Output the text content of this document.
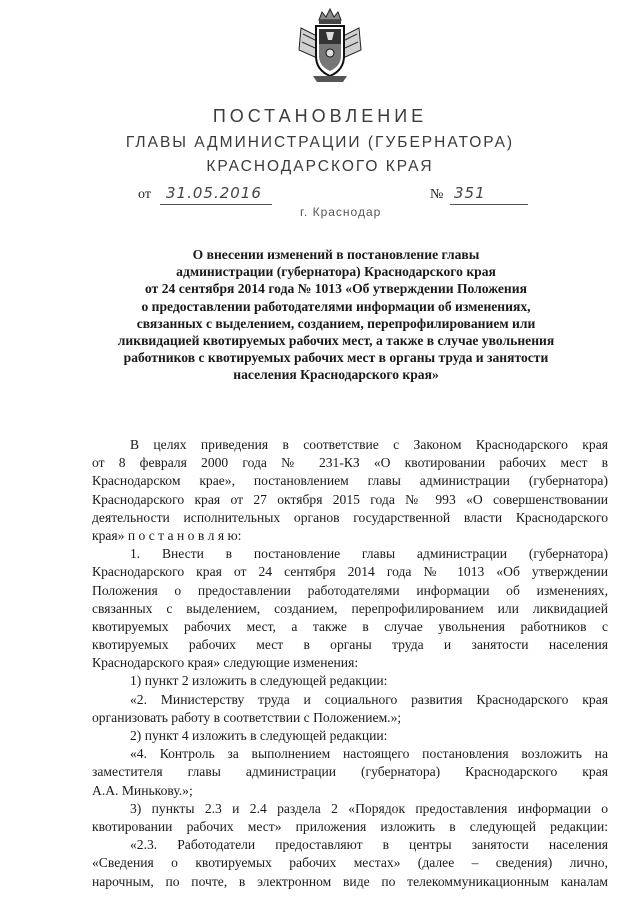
ПОСТАНОВЛЕНИЕ
ГЛАВЫ АДМИНИСТРАЦИИ (ГУБЕРНАТОРА)
КРАСНОДАРСКОГО КРАЯ
от 31.05.2016	№ 351
г. Краснодар
О внесении изменений в постановление главы
администрации (губернатора) Краснодарского края
от 24 сентября 2014 года № 1013 «Об утверждении Положения
о предоставлении работодателями информации об изменениях,
связанных с выделением, созданием, перепрофилированием или
ликвидацией квотируемых рабочих мест, а также в случае увольнения
работников с квотируемых рабочих мест в органы труда и занятости
населения Краснодарского края»
В целях приведения в соответствие с Законом Краснодарского края
от 8 февраля 2000 года № 231-КЗ «О квотировании рабочих мест в
Краснодарском крае», постановлением главы администрации (губернатора)
Краснодарского края от 27 октября 2015 года № 993 «О совершенствовании
деятельности исполнительных органов государственной власти Краснодарского
края» п о с т а н о в л я ю:
1. Внести в постановление главы администрации (губернатора)
Краснодарского края от 24 сентября 2014 года № 1013 «Об утверждении
Положения о предоставлении работодателями информации об изменениях,
связанных с выделением, созданием, перепрофилированием или ликвидацией
квотируемых рабочих мест, а также в случае увольнения работников с
квотируемых рабочих мест в органы труда и занятости населения
Краснодарского края» следующие изменения:
1) пункт 2 изложить в следующей редакции:
«2. Министерству труда и социального развития Краснодарского края
организовать работу в соответствии с Положением.»;
2) пункт 4 изложить в следующей редакции:
«4. Контроль за выполнением настоящего постановления возложить на
заместителя главы администрации (губернатора) Краснодарского края
А.А. Минькову.»;
3) пункты 2.3 и 2.4 раздела 2 «Порядок предоставления информации о
квотировании рабочих мест» приложения изложить в следующей редакции:
«2.3. Работодатели предоставляют в центры занятости населения
«Сведения о квотируемых рабочих местах» (далее – сведения) лично,
нарочным, по почте, в электронном виде по телекоммуникационным каналам
